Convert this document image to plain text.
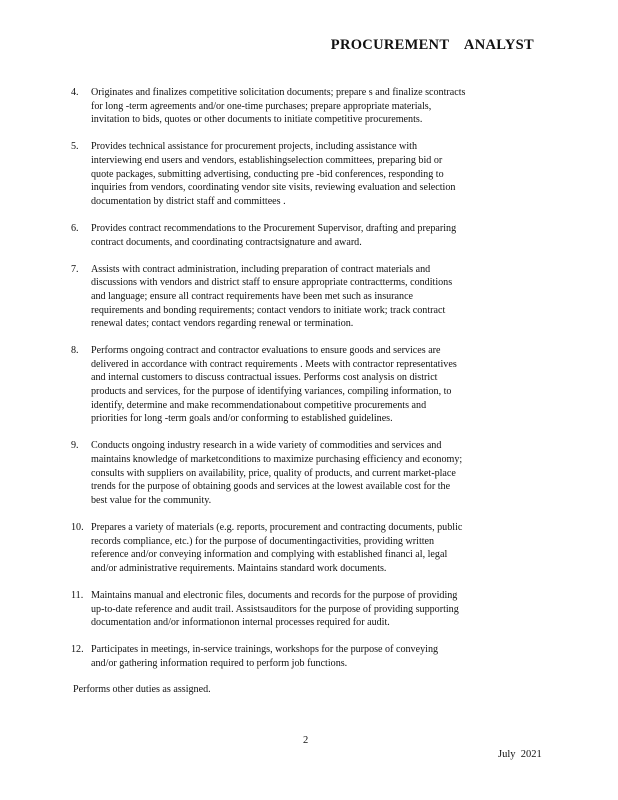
PROCUREMENT    ANALYST
4. Originates and finalizes competitive solicitation documents; prepare s and finalize scontracts
for long -term agreements and/or one-time purchases; prepare appropriate materials,
invitation to bids, quotes or other documents to initiate competitive procurements.
5. Provides technical assistance for procurement projects, including assistance with
interviewing end users and vendors, establishingselection committees, preparing bid or
quote packages, submitting advertising, conducting pre -bid conferences, responding to
inquiries from vendors, coordinating vendor site visits, reviewing evaluation and selection
documentation by district staff and committees .
6. Provides contract recommendations to the Procurement Supervisor, drafting and preparing
contract documents, and coordinating contractsignature and award.
7. Assists with contract administration, including preparation of contract materials and
discussions with vendors and district staff to ensure appropriate contractterms, conditions
and language; ensure all contract requirements have been met such as insurance
requirements and bonding requirements; contact vendors to initiate work; track contract
renewal dates; contact vendors regarding renewal or termination.
8. Performs ongoing contract and contractor evaluations to ensure goods and services are
delivered in accordance with contract requirements . Meets with contractor representatives
and internal customers to discuss contractual issues. Performs cost analysis on district
products and services, for the purpose of identifying variances, compiling information, to
identify, determine and make recommendationabout competitive procurements and
priorities for long -term goals and/or conforming to established guidelines.
9. Conducts ongoing industry research in a wide variety of commodities and services and
maintains knowledge of marketconditions to maximize purchasing efficiency and economy;
consults with suppliers on availability, price, quality of products, and current market-place
trends for the purpose of obtaining goods and services at the lowest available cost for the
best value for the community.
10. Prepares a variety of materials (e.g. reports, procurement and contracting documents, public
records compliance, etc.) for the purpose of documentingactivities, providing written
reference and/or conveying information and complying with established financi al, legal
and/or administrative requirements. Maintains standard work documents.
11. Maintains manual and electronic files, documents and records for the purpose of providing
up-to-date reference and audit trail. Assistsauditors for the purpose of providing supporting
documentation and/or informationon internal processes required for audit.
12. Participates in meetings, in-service trainings, workshops for the purpose of conveying
and/or gathering information required to perform job functions.
Performs other duties as assigned.
2
July  2021
